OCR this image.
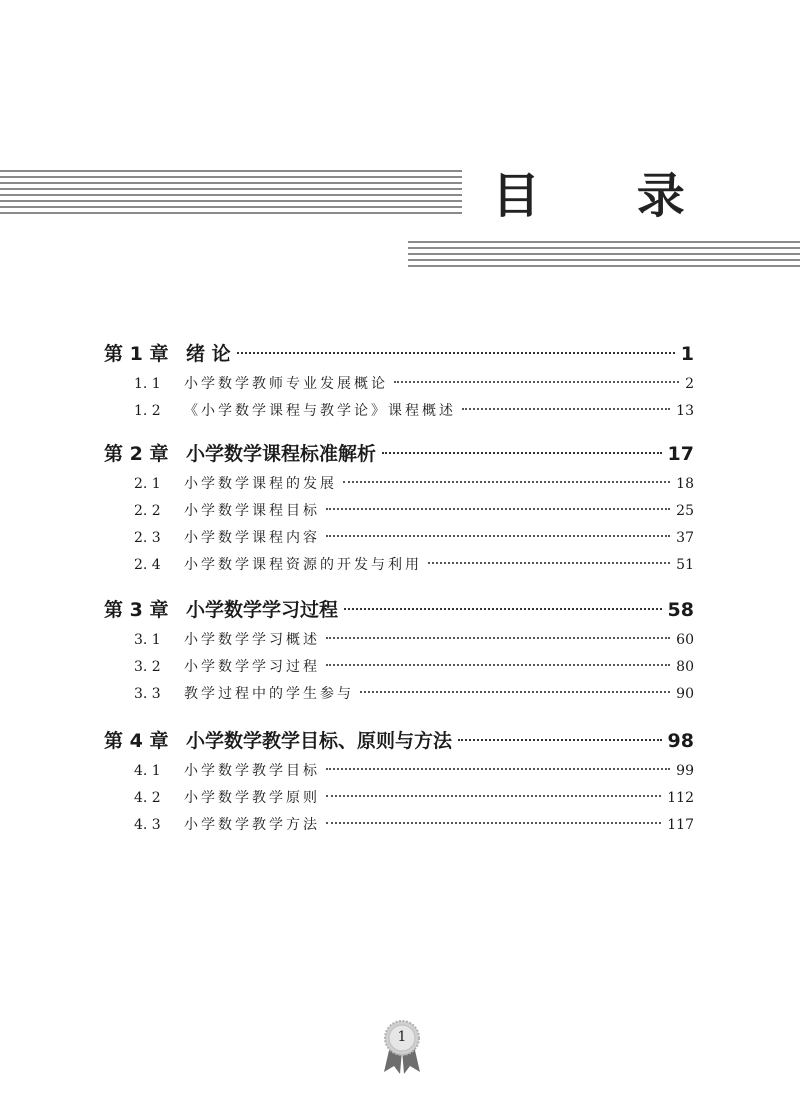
目 录
第 1 章 绪 论	1
1. 1	小学数学教师专业发展概论	2
1. 2	《小学数学课程与教学论》课程概述	13
第 2 章 小学数学课程标准解析	17
2. 1	小学数学课程的发展	18
2. 2	小学数学课程目标	25
2. 3	小学数学课程内容	37
2. 4	小学数学课程资源的开发与利用	51
第 3 章 小学数学学习过程	58
3. 1	小学数学学习概述	60
3. 2	小学数学学习过程	80
3. 3	教学过程中的学生参与	90
第 4 章 小学数学教学目标、原则与方法	98
4. 1	小学数学教学目标	99
4. 2	小学数学教学原则	112
4. 3	小学数学教学方法	117
1
